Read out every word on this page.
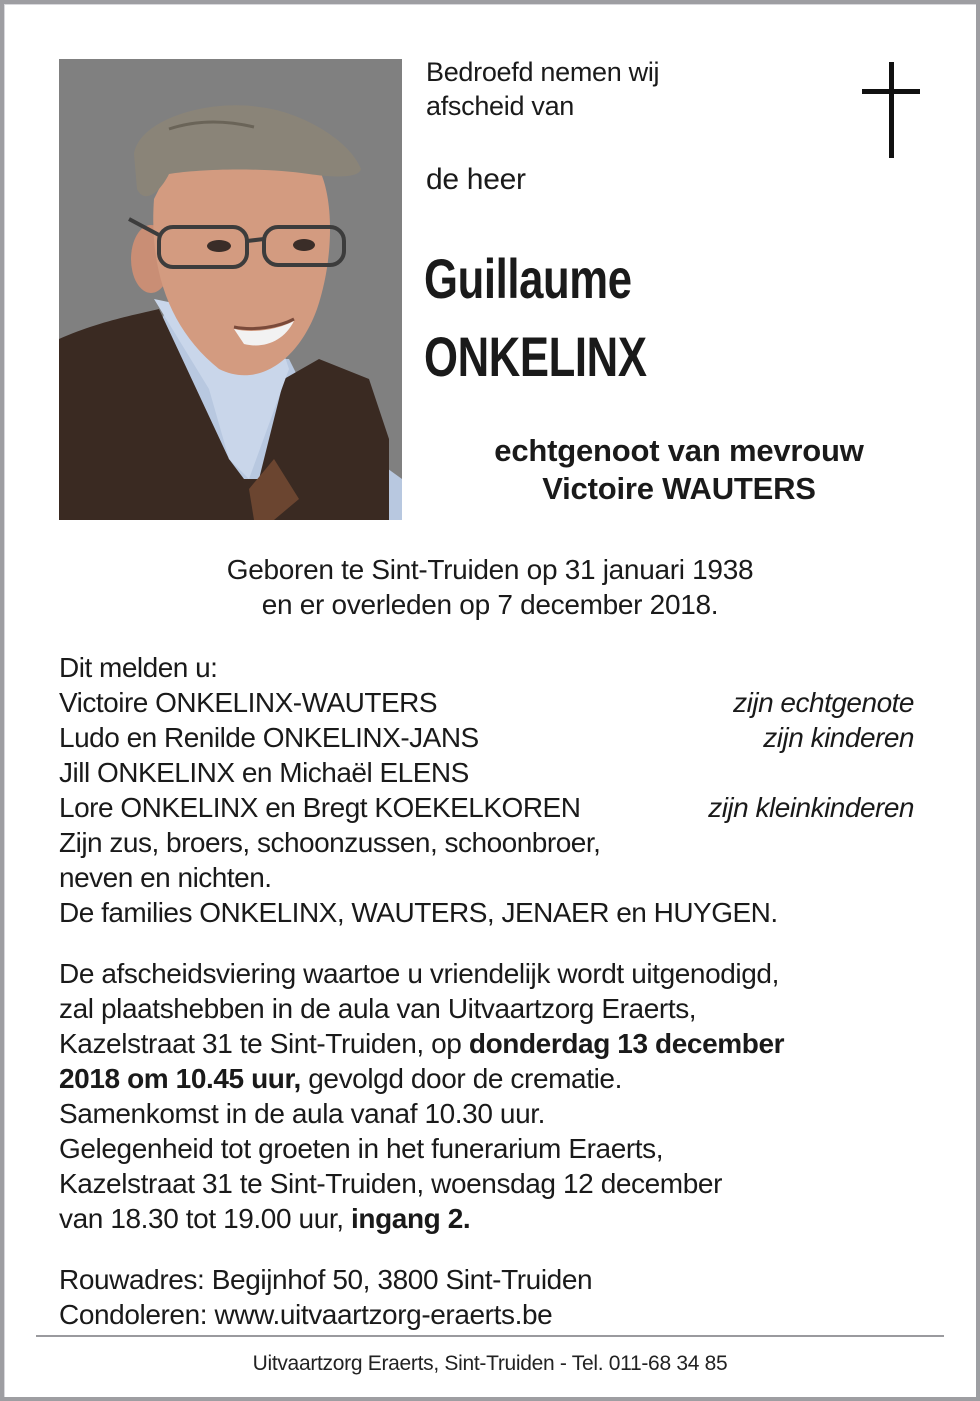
Bedroefd nemen wij
afscheid van
de heer
Guillaume
ONKELINX
echtgenoot van mevrouw
Victoire WAUTERS
Geboren te Sint-Truiden op 31 januari 1938
en er overleden op 7 december 2018.
Dit melden u:
Victoire ONKELINX-WAUTERS	zijn echtgenote
Ludo en Renilde ONKELINX-JANS	zijn kinderen
Jill ONKELINX en Michaël ELENS
Lore ONKELINX en Bregt KOEKELKOREN	zijn kleinkinderen
Zijn zus, broers, schoonzussen, schoonbroer,
neven en nichten.
De families ONKELINX, WAUTERS, JENAER en HUYGEN.
De afscheidsviering waartoe u vriendelijk wordt uitgenodigd,
zal plaatshebben in de aula van Uitvaartzorg Eraerts,
Kazelstraat 31 te Sint-Truiden, op donderdag 13 december
2018 om 10.45 uur, gevolgd door de crematie.
Samenkomst in de aula vanaf 10.30 uur.
Gelegenheid tot groeten in het funerarium Eraerts,
Kazelstraat 31 te Sint-Truiden, woensdag 12 december
van 18.30 tot 19.00 uur, ingang 2.
Rouwadres: Begijnhof 50, 3800 Sint-Truiden
Condoleren: www.uitvaartzorg-eraerts.be
Uitvaartzorg Eraerts, Sint-Truiden - Tel. 011-68 34 85
